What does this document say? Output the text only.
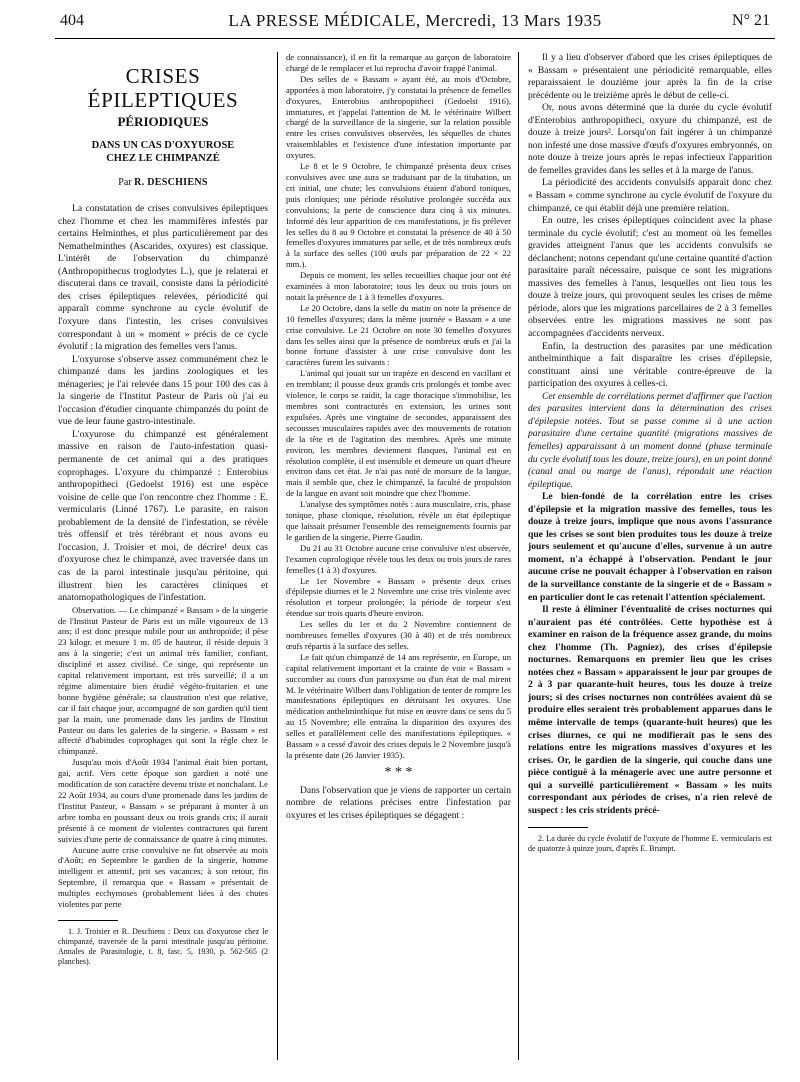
404	LA PRESSE MÉDICALE, Mercredi, 13 Mars 1935	N° 21
CRISES ÉPILEPTIQUES
PÉRIODIQUES
DANS UN CAS D'OXYUROSE
CHEZ LE CHIMPANZÉ
Par R. DESCHIENS

La constatation de crises convulsives épileptiques chez l'homme et chez les mammifères infestés par certains Helminthes, et plus particulièrement par des Nemathelminthes (Ascarides, oxyures) est classique. L'intérêt de l'observation du chimpanzé (Anthropopithecus troglodytes L.), que je relaterai et discuterai dans ce travail, consiste dans la périodicité des crises épileptiques relevées, périodicité qui apparaît comme synchrone au cycle évolutif de l'oxyure dans l'intestin, les crises convulsives correspondant à un « moment » précis de ce cycle évolutif : la migration des femelles vers l'anus.

L'oxyurose s'observe assez communément chez le chimpanzé dans les jardins zoologiques et les ménageries; je l'ai relevée dans 15 pour 100 des cas à la singerie de l'Institut Pasteur de Paris où j'ai eu l'occasion d'étudier cinquante chimpanzés du point de vue de leur faune gastro-intestinale.

L'oxyurose du chimpanzé est généralement massive en raison de l'auto-infestation quasi-permanente de cet animal qui a des pratiques coprophages. L'oxyure du chimpanzé : Enterobius anthropopitheci (Gedoelst 1916) est une espèce voisine de celle que l'on rencontre chez l'homme : E. vermicularis (Linné 1767). Le parasite, en raison probablement de la densité de l'infestation, se révèle très offensif et très térébrant et nous avons eu l'occasion, J. Troisier et moi, de décrire¹ deux cas d'oxyurose chez le chimpanzé, avec traversée dans un cas de la paroi intestinale jusqu'au péritoine, qui illustrent bien les caractères cliniques et anatomopathologiques de l'infestation.

Observation. — Le chimpanzé « Bassam » de la singerie de l'Institut Pasteur de Paris est un mâle vigoureux de 13 ans; il est donc presque nubile pour un anthropoïde; il pèse 23 kilogr. et mesure 1 m. 05 de hauteur, il réside depuis 3 ans à la singerie; c'est un animal très familier, confiant, discipliné et assez civilisé. Ce singe, qui représente un capital relativement important, est très surveillé; il a un régime alimentaire bien étudié végéto-fruitarien et une bonne hygiène générale; sa claustration n'est que relative, car il fait chaque jour, accompagné de son gardien qu'il tient par la main, une promenade dans les jardins de l'Institut Pasteur ou dans les galeries de la singerie. « Bassam » est affecté d'habitudes coprophages qui sont la règle chez le chimpanzé.

Jusqu'au mois d'Août 1934 l'animal était bien portant, gai, actif. Vers cette époque son gardien a noté une modification de son caractère devenu triste et nonchalant. Le 22 Août 1934, au cours d'une promenade dans les jardins de l'Institut Pasteur, « Bassam » se préparant à monter à un arbre tomba en poussant deux ou trois grands cris; il aurait présenté à ce moment de violentes contractures qui furent suivies d'une perte de connaissance de quatre à cinq minutes.

Aucune autre crise convulsive ne fut observée au mois d'Août; en Septembre le gardien de la singerie, homme intelligent et attentif, prit ses vacances; à son retour, fin Septembre, il remarqua que « Bassam » présentait de multiples ecchymoses (probablement liées à des chutes violentes par perte

1. J. Troisier et R. Deschiens : Deux cas d'oxyurose chez le chimpanzé, traversée de la paroi intestinale jusqu'au péritoine. Annales de Parasitologie, t. 8, fasc. 5, 1930, p. 562-565 (2 planches).

de connaissance), il en fit la remarque au garçon de laboratoire chargé de le remplacer et lui reprocha d'avoir frappé l'animal.

Des selles de « Bassam » ayant été, au mois d'Octobre, apportées à mon laboratoire, j'y constatai la présence de femelles d'oxyures, Enterobius anthropopitheci (Gedoelst 1916), immatures, et j'appelai l'attention de M. le vétérinaire Wilbert chargé de la surveillance de la singerie, sur la relation possible entre les crises convulsives observées, les séquelles de chutes vraisemblables et l'existence d'une infestation importante par oxyures.

Le 8 et le 9 Octobre, le chimpanzé présenta deux crises convulsives avec une aura se traduisant par de la titubation, un cri initial, une chute; les convulsions étaient d'abord toniques, puis cloniques; une période résolutive prolongée succéda aux convulsions; la perte de conscience dura cinq à six minutes. Informé dès leur apparition de ces manifestations, je fis prélever les selles du 8 au 9 Octobre et constatai la présence de 40 à 50 femelles d'oxyures immatures par selle, et de très nombreux œufs à la surface des selles (100 œufs par préparation de 22 × 22 mm.).

Depuis ce moment, les selles recueillies chaque jour ont été examinées à mon laboratoire; tous les deux ou trois jours on notait la présence de 1 à 3 femelles d'oxyures.

Le 20 Octobre, dans la selle du matin on note la présence de 10 femelles d'oxyures; dans la même journée « Bassam » a une crise convulsive. Le 21 Octobre on note 30 femelles d'oxyures dans les selles ainsi que la présence de nombreux œufs et j'ai la bonne fortune d'assister à une crise convulsive dont les caractères furent les suivants :

L'animal qui jouait sur un trapèze en descend en vacillant et en tremblant; il pousse deux grands cris prolongés et tombe avec violence, le corps se raidit, la cage thoracique s'immobilise, les membres sont contracturés en extension, les urines sont expulsées. Après une vingtaine de secondes, apparaissent des secousses musculaires rapides avec des mouvements de rotation de la tête et de l'agitation des membres. Après une minute environ, les membres deviennent flasques, l'animal est en résolution complète, il est insensible et demeure un quart d'heure environ dans cet état. Je n'ai pas noté de morsure de la langue, mais il semble que, chez le chimpanzé, la faculté de propulsion de la langue en avant soit moindre que chez l'homme.

L'analyse des symptômes notés : aura musculaire, cris, phase tonique, phase clonique, résolution, révèle un état épileptique que laissait présumer l'ensemble des renseignements fournis par le gardien de la singerie, Pierre Gaudin.

Du 21 au 31 Octobre aucune crise convulsive n'est observée, l'examen coprologique révèle tous les deux ou trois jours de rares femelles (1 à 3) d'oxyures.

Le 1er Novembre « Bassam » présente deux crises d'épilepsie diurnes et le 2 Novembre une crise très violente avec résolution et torpeur prolongée; la période de torpeur s'est étendue sur trois quarts d'heure environ.

Les selles du 1er et du 2 Novembre contiennent de nombreuses femelles d'oxyures (30 à 40) et de très nombreux œufs répartis à la surface des selles.

Le fait qu'un chimpanzé de 14 ans représente, en Europe, un capital relativement important et la crainte de voir « Bassam » succomber au cours d'un paroxysme ou d'un état de mal mirent M. le vétérinaire Wilbert dans l'obligation de tenter de rompre les manifestations épileptiques en détruisant les oxyures. Une médication anthelminthique fut mise en œuvre dans ce sens du 5 au 15 Novembre; elle entraîna la disparition des oxyures des selles et parallèlement celle des manifestations épileptiques. « Bassam » a cessé d'avoir des crises depuis le 2 Novembre jusqu'à la présente date (26 Janvier 1935).

* * *

Dans l'observation que je viens de rapporter un certain nombre de relations précises entre l'infestation par oxyures et les crises épileptiques se dégagent :

Il y a lieu d'observer d'abord que les crises épileptiques de « Bassam » présentaient une périodicité remarquable, elles reparaissaient le douzième jour après la fin de la crise précédente ou le treizième après le début de celle-ci.

Or, nous avons déterminé que la durée du cycle évolutif d'Enterobius anthropopitheci, oxyure du chimpanzé, est de douze à treize jours². Lorsqu'on fait ingérer à un chimpanzé non infesté une dose massive d'œufs d'oxyures embryonnés, on note douze à treize jours après le repas infectieux l'apparition de femelles gravides dans les selles et à la marge de l'anus.

La périodicité des accidents convulsifs apparait donc chez « Bassam » comme synchrone au cycle évolutif de l'oxyure du chimpanzé, ce qui établit déjà une première relation.

En outre, les crises épileptiques coïncident avec la phase terminale du cycle évolutif; c'est au moment où les femelles gravides atteignent l'anus que les accidents convulsifs se déclanchent; notons cependant qu'une certaine quantité d'action parasitaire paraît nécessaire, puisque ce sont les migrations massives des femelles à l'anus, lesquelles ont lieu tous les douze à treize jours, qui provoquent seules les crises de même période, alors que les migrations parcellaires de 2 à 3 femelles observées entre les migrations massives ne sont pas accompagnées d'accidents nerveux.

Enfin, la destruction des parasites par une médication anthelminthique a fait disparaître les crises d'épilepsie, constituant ainsi une véritable contre-épreuve de la participation des oxyures à celles-ci.

Cet ensemble de corrélations permet d'affirmer que l'action des parasites intervient dans la détermination des crises d'épilepsie notées. Tout se passe comme si à une action parasitaire d'une certaine quantité (migrations massives de femelles) apparaissant à un moment donné (phase terminale du cycle évolutif tous les douze, treize jours), en un point donné (canal anal ou marge de l'anus), répondait une réaction épileptique.

Le bien-fondé de la corrélation entre les crises d'épilepsie et la migration massive des femelles, tous les douze à treize jours, implique que nous avons l'assurance que les crises se sont bien produites tous les douze à treize jours seulement et qu'aucune d'elles, survenue à un autre moment, n'a échappé à l'observation. Pendant le jour aucune crise ne pouvait échapper à l'observation en raison de la surveillance constante de la singerie et de « Bassam » en particulier dont le cas retenait l'attention spécialement.

Il reste à éliminer l'éventualité de crises nocturnes qui n'auraient pas été contrôlées. Cette hypothèse est à examiner en raison de la fréquence assez grande, du moins chez l'homme (Th. Pagniez), des crises d'épilepsie nocturnes. Remarquons en premier lieu que les crises notées chez « Bassam » apparaissent le jour par groupes de 2 à 3 par quarante-huit heures, tous les douze à treize jours; si des crises nocturnes non contrôlées avaient dû se produire elles seraient très probablement apparues dans le même intervalle de temps (quarante-huit heures) que les crises diurnes, ce qui ne modifierait pas le sens des relations entre les migrations massives d'oxyures et les crises. Or, le gardien de la singerie, qui couche dans une pièce contiguë à la ménagerie avec une autre personne et qui a surveillé particulièrement « Bassam » les nuits correspondant aux périodes de crises, n'a rien relevé de suspect : les cris stridents précé-

2. La durée du cycle évolutif de l'oxyure de l'homme E. vermicularis est de quatorze à quinze jours, d'après E. Brumpt.
